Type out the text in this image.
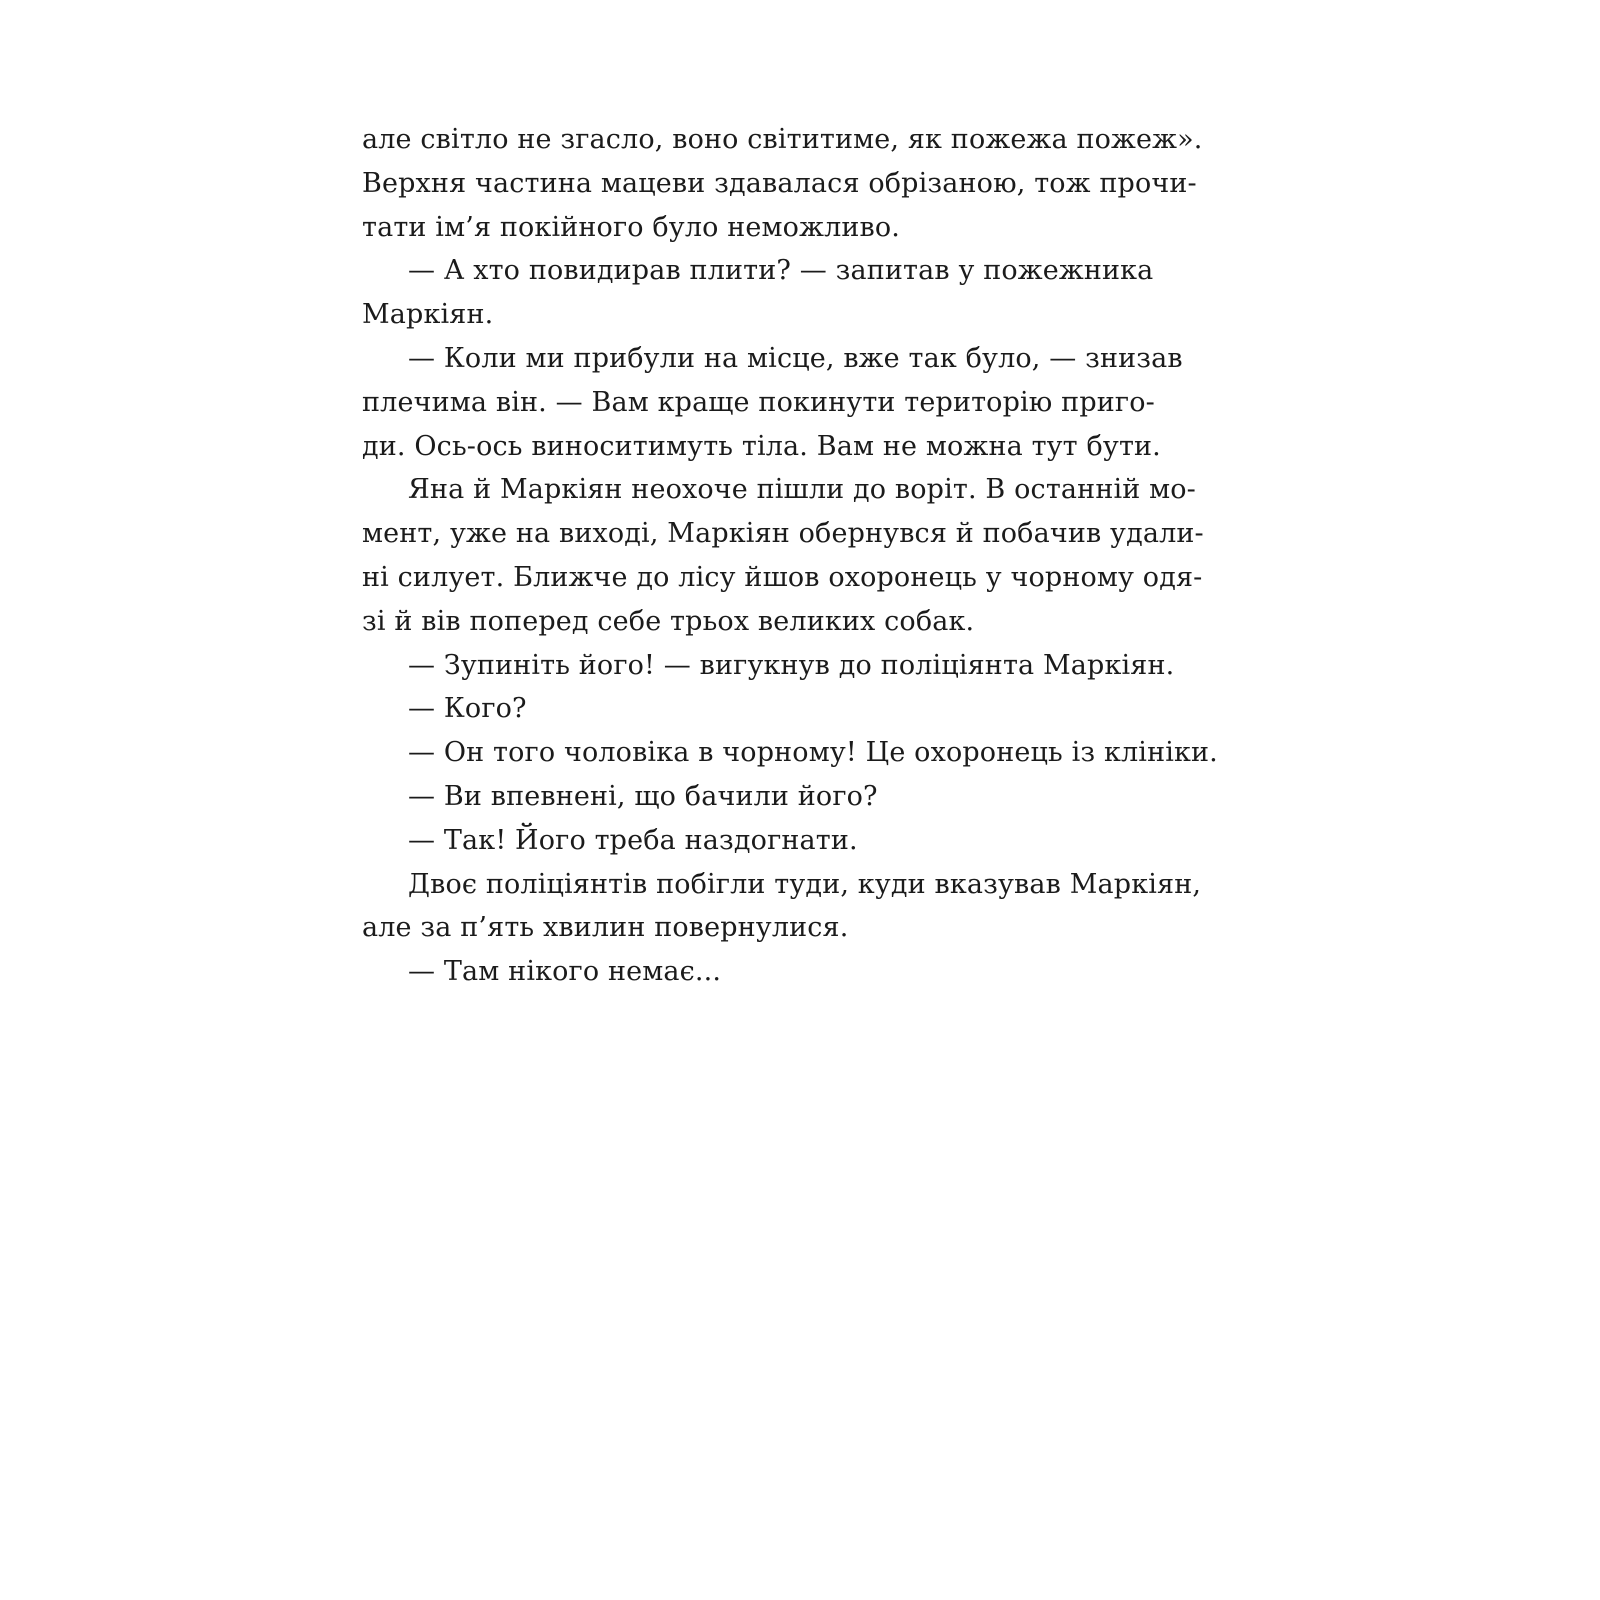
але світло не згасло, воно світитиме, як пожежа пожеж».
Верхня частина мацеви здавалася обрізаною, тож прочи-
тати ім’я покійного було неможливо.
— А хто повидирав плити? — запитав у пожежника
Маркіян.
— Коли ми прибули на місце, вже так було, — знизав
плечима він. — Вам краще покинути територію приго-
ди. Ось-ось виноситимуть тіла. Вам не можна тут бути.
Яна й Маркіян неохоче пішли до воріт. В останній мо-
мент, уже на виході, Маркіян обернувся й побачив удали-
ні силует. Ближче до лісу йшов охоронець у чорному одя-
зі й вів поперед себе трьох великих собак.
— Зупиніть його! — вигукнув до поліціянта Маркіян.
— Кого?
— Он того чоловіка в чорному! Це охоронець із клініки.
— Ви впевнені, що бачили його?
— Так! Його треба наздогнати.
Двоє поліціянтів побігли туди, куди вказував Маркіян,
але за п’ять хвилин повернулися.
— Там нікого немає...
